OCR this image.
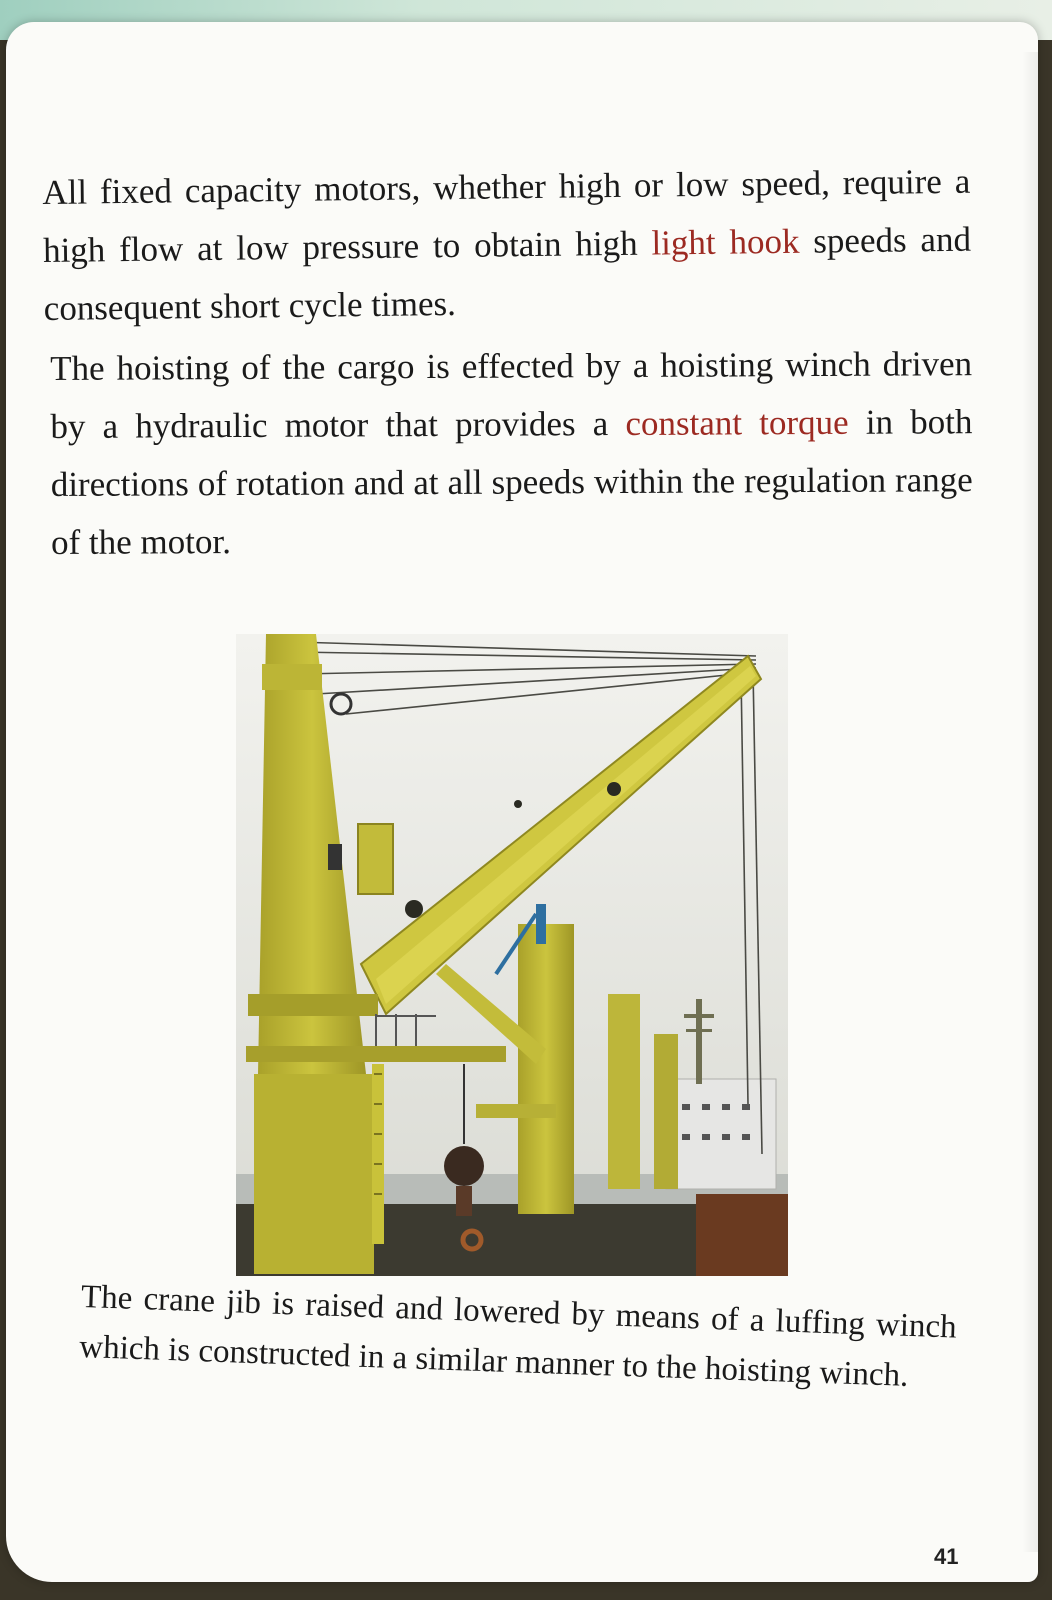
All fixed capacity motors, whether high or low speed, require a high flow at low pressure to obtain high light hook speeds and consequent short cycle times.

The hoisting of the cargo is effected by a hoisting winch driven by a hydraulic motor that provides a constant torque in both directions of rotation and at all speeds within the regulation range of the motor.

The crane jib is raised and lowered by means of a luffing winch which is constructed in a similar manner to the hoisting winch.

41
